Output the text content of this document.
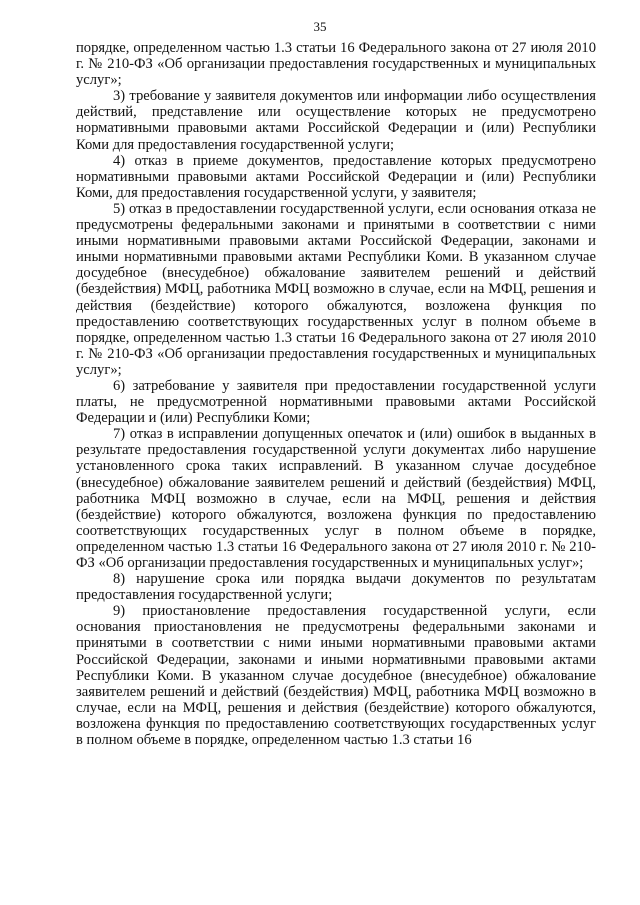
35

порядке, определенном частью 1.3 статьи 16 Федерального закона от 27 июля 2010 г. № 210-ФЗ «Об организации предоставления государственных и муниципальных услуг»;

3) требование у заявителя документов или информации либо осуществления действий, представление или осуществление которых не предусмотрено нормативными правовыми актами Российской Федерации и (или) Республики Коми для предоставления государственной услуги;

4) отказ в приеме документов, предоставление которых предусмотрено нормативными правовыми актами Российской Федерации и (или) Республики Коми, для предоставления государственной услуги, у заявителя;

5) отказ в предоставлении государственной услуги, если основания отказа не предусмотрены федеральными законами и принятыми в соответствии с ними иными нормативными правовыми актами Российской Федерации, законами и иными нормативными правовыми актами Республики Коми. В указанном случае досудебное (внесудебное) обжалование заявителем решений и действий (бездействия) МФЦ, работника МФЦ возможно в случае, если на МФЦ, решения и действия (бездействие) которого обжалуются, возложена функция по предоставлению соответствующих государственных услуг в полном объеме в порядке, определенном частью 1.3 статьи 16 Федерального закона от 27 июля 2010 г. № 210-ФЗ «Об организации предоставления государственных и муниципальных услуг»;

6) затребование у заявителя при предоставлении государственной услуги платы, не предусмотренной нормативными правовыми актами Российской Федерации и (или) Республики Коми;

7) отказ в исправлении допущенных опечаток и (или) ошибок в выданных в результате предоставления государственной услуги документах либо нарушение установленного срока таких исправлений. В указанном случае досудебное (внесудебное) обжалование заявителем решений и действий (бездействия) МФЦ, работника МФЦ возможно в случае, если на МФЦ, решения и действия (бездействие) которого обжалуются, возложена функция по предоставлению соответствующих государственных услуг в полном объеме в порядке, определенном частью 1.3 статьи 16 Федерального закона от 27 июля 2010 г. № 210-ФЗ «Об организации предоставления государственных и муниципальных услуг»;

8) нарушение срока или порядка выдачи документов по результатам предоставления государственной услуги;

9) приостановление предоставления государственной услуги, если основания приостановления не предусмотрены федеральными законами и принятыми в соответствии с ними иными нормативными правовыми актами Российской Федерации, законами и иными нормативными правовыми актами Республики Коми. В указанном случае досудебное (внесудебное) обжалование заявителем решений и действий (бездействия) МФЦ, работника МФЦ возможно в случае, если на МФЦ, решения и действия (бездействие) которого обжалуются, возложена функция по предоставлению соответствующих государственных услуг в полном объеме в порядке, определенном частью 1.3 статьи 16
